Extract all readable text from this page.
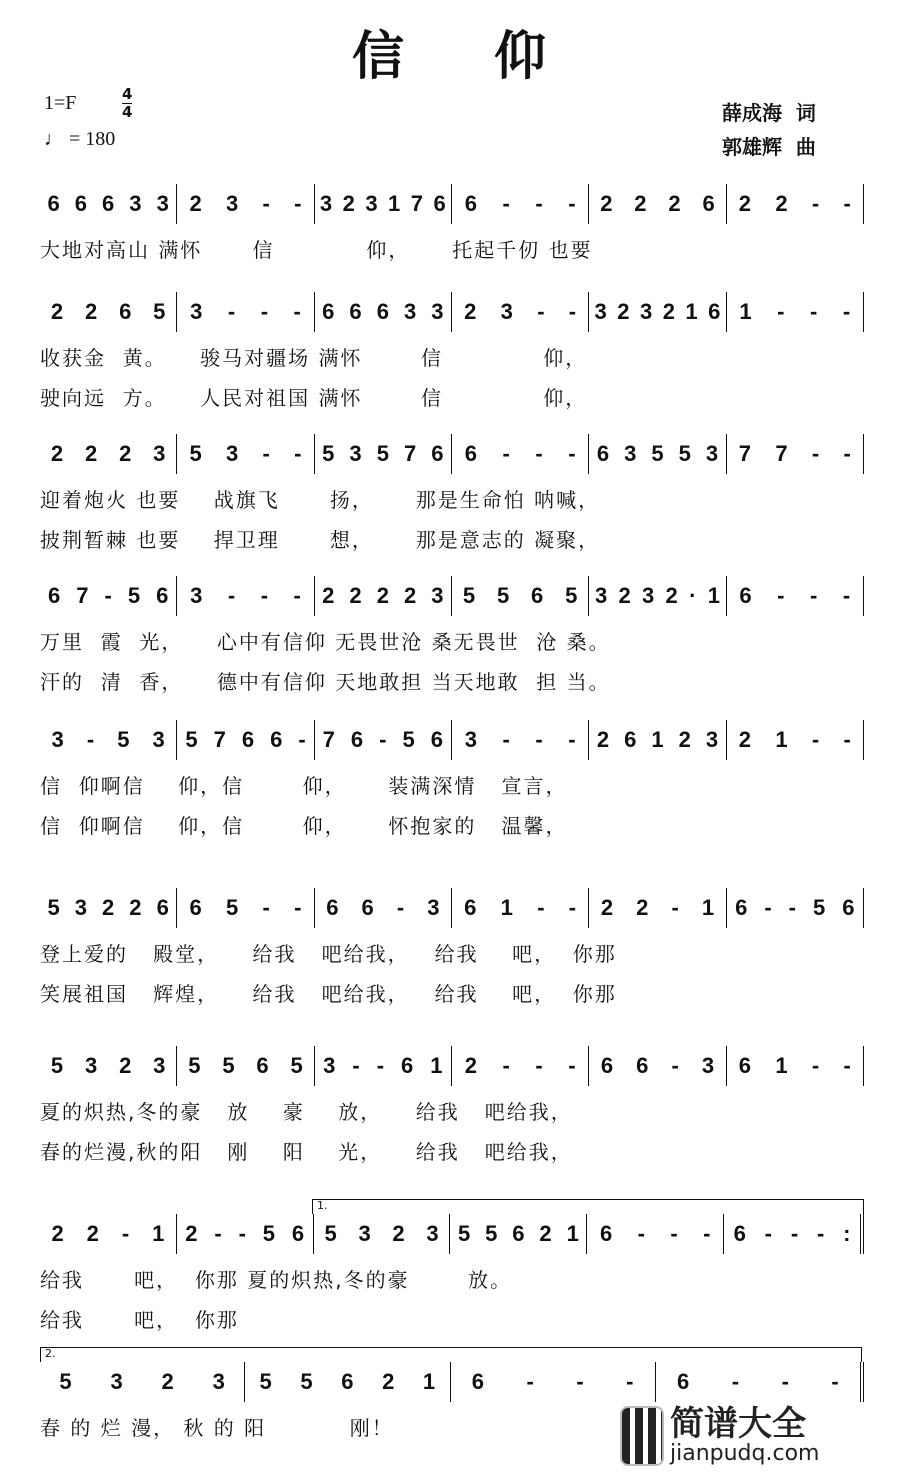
信仰
1=F	4
4
♩ = 180
薛成海  词
郭雄辉  曲
6 6 6 3 3 2 3 - - 3 2 3 1 7 6 6 - - - 2 2 2 6 2 2 - -
大地对高山 满怀      信           仰，     托起千仞 也要
2 2 6 5 3 - - - 6 6 6 3 3 2 3 - - 3 2 3 2 1 6 1 - - -
收获金  黄。    骏马对疆场 满怀       信            仰，
驶向远  方。    人民对祖国 满怀       信            仰，
2 2 2 3 5 3 - - 5 3 5 7 6 6 - - - 6 3 5 5 3 7 7 - -
迎着炮火 也要    战旗飞      扬，     那是生命怕 呐喊，
披荆暂棘 也要    捍卫理      想，     那是意志的 凝聚，
6 7 - 5 6 3 - - - 2 2 2 2 3 5 5 6 5 3 2 3 2 · 1 6 - - -
万里  霞  光，    心中有信仰 无畏世沧 桑无畏世  沧 桑。
汗的  清  香，    德中有信仰 天地敢担 当天地敢  担 当。
3 - 5 3 5 7 6 6 - 7 6 - 5 6 3 - - - 2 6 1 2 3 2 1 - -
信  仰啊信    仰，信       仰，     装满深情   宣言，
信  仰啊信    仰，信       仰，     怀抱家的   温馨，
5 3 2 2 6 6 5 - - 6 6 - 3 6 1 - - 2 2 - 1 6 - - 5 6
登上爱的   殿堂，    给我   吧给我，   给我    吧，  你那
笑展祖国   辉煌，    给我   吧给我，   给我    吧，  你那
5 3 2 3 5 5 6 5 3 - - 6 1 2 - - - 6 6 - 3 6 1 - -
夏的炽热,冬的豪   放    豪    放，    给我   吧给我，
春的烂漫,秋的阳   刚    阳    光，    给我   吧给我，
1.
2 2 - 1 2 - - 5 6 5 3 2 3 5 5 6 2 1 6 - - - 6 - - - :
给我      吧，  你那 夏的炽热,冬的豪       放。
给我      吧，  你那
2.
5 3 2 3 5 5 6 2 1 6 - - - 6 - - -
春 的 烂 漫， 秋 的 阳          刚！	简谱大全
jianpudq.com
